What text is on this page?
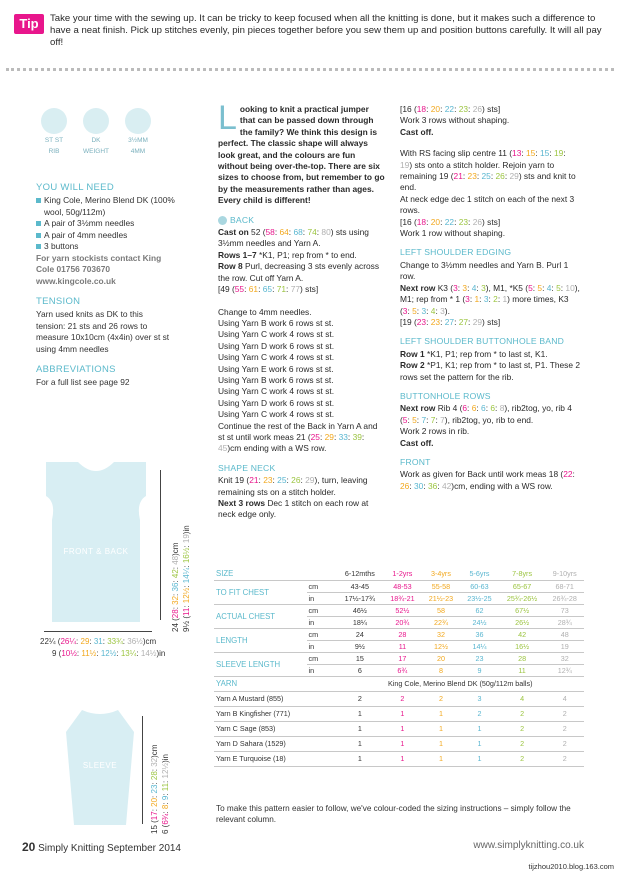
Tip	Take your time with the sewing up. It can be tricky to keep focused when all the knitting is done, but it makes such a difference to have a neat finish. Pick up stitches evenly, pin pieces together before you sew them up and position buttons carefully. It will all pay off!
ST ST
RIB
DK
WEIGHT
3½MM
4MM
YOU WILL NEED
King Cole, Merino Blend DK (100% wool, 50g/112m)
A pair of 3½mm needles
A pair of 4mm needles
3 buttons
For yarn stockists contact King Cole 01756 703670
www.kingcole.co.uk
TENSION
Yarn used knits as DK to this tension: 21 sts and 26 rows to measure 10x10cm (4x4in) over st st using 4mm needles
ABBREVIATIONS
For a full list see page 92
FRONT & BACK
24 (28: 32: 36: 42: 48)cm
9½ (11: 12½: 14¼: 16½: 19)in
22¼ (26¼: 29: 31: 33¾: 36½)cm
9 (10½: 11½: 12½: 13¼: 14½)in
SLEEVE
15 (17: 20: 23: 28: 32)cm
6 (6¾: 8: 9: 11: 12½)in

Looking to knit a practical jumper that can be passed down through the family? We think this design is perfect. The classic shape will always look great, and the colours are fun without being over-the-top. There are six sizes to choose from, but remember to go by the measurements rather than ages. Every child is different!

BACK

Cast on 52 (58: 64: 68: 74: 80) sts using 3½mm needles and Yarn A.

Rows 1–7 *K1, P1; rep from * to end.

Row 8 Purl, decreasing 3 sts evenly across the row. Cut off Yarn A.

[49 (55: 61: 65: 71: 77) sts]

Change to 4mm needles.

Using Yarn B work 6 rows st st.

Using Yarn C work 4 rows st st.

Using Yarn D work 6 rows st st.

Using Yarn C work 4 rows st st.

Using Yarn E work 6 rows st st.

Using Yarn B work 6 rows st st.

Using Yarn C work 4 rows st st.

Using Yarn D work 6 rows st st.

Using Yarn C work 4 rows st st.

Continue the rest of the Back in Yarn A and st st until work meas 21 (25: 29: 33: 39: 45)cm ending with a WS row.

SHAPE NECK

Knit 19 (21: 23: 25: 26: 29), turn, leaving remaining sts on a stitch holder.

Next 3 rows Dec 1 stitch on each row at neck edge only.

[16 (18: 20: 22: 23: 26) sts]

Work 3 rows without shaping.

Cast off.

With RS facing slip centre 11 (13: 15: 15: 19: 19) sts onto a stitch holder. Rejoin yarn to remaining 19 (21: 23: 25: 26: 29) sts and knit to end.

At neck edge dec 1 stitch on each of the next 3 rows.

[16 (18: 20: 22: 23: 26) sts]

Work 1 row without shaping.

LEFT SHOULDER EDGING

Change to 3½mm needles and Yarn B. Purl 1 row.

Next row K3 (3: 3: 4: 3), M1, *K5 (5: 5: 4: 5: 10), M1; rep from * 1 (3: 1: 3: 2: 1) more times, K3 (3: 5: 3: 4: 3).

[19 (23: 23: 27: 27: 29) sts]

LEFT SHOULDER BUTTONHOLE BAND

Row 1 *K1, P1; rep from * to last st, K1.

Row 2 *P1, K1; rep from * to last st, P1. These 2 rows set the pattern for the rib.

BUTTONHOLE ROWS

Next row Rib 4 (6: 6: 6: 6: 8), rib2tog, yo, rib 4 (5: 5: 7: 7: 7), rib2tog, yo, rib to end.

Work 2 rows in rib.

Cast off.

FRONT

Work as given for Back until work meas 18 (22: 26: 30: 36: 42)cm, ending with a WS row.

SIZE		6-12mths	1-2yrs	3-4yrs	5-6yrs	7-8yrs	9-10yrs
TO FIT CHEST	cm	43-45	48-53	55-58	60-63	65-67	68-71
	in	17½-17¾	18¾-21	21½-23	23½-25	25¾-26½	26¾-28
ACTUAL CHEST	cm	46½	52½	58	62	67½	73
	in	18¼	20¾	22¾	24½	26½	28¾
LENGTH	cm	24	28	32	36	42	48
	in	9½	11	12½	14¼	16½	19
SLEEVE LENGTH	cm	15	17	20	23	28	32
	in	6	6¾	8	9	11	12¾
YARN		King Cole, Merino Blend DK (50g/112m balls)					
Yarn A Mustard (855)		2	2	2	3	4	4
Yarn B Kingfisher (771)		1	1	1	2	2	2
Yarn C Sage (853)		1	1	1	1	2	2
Yarn D Sahara (1529)		1	1	1	1	2	2
Yarn E Turquoise (18)		1	1	1	1	2	2
To make this pattern easier to follow, we've colour-coded the sizing instructions – simply follow the relevant column.
20 Simply Knitting September 2014	www.simplyknitting.co.uk
tijzhou2010.blog.163.com
